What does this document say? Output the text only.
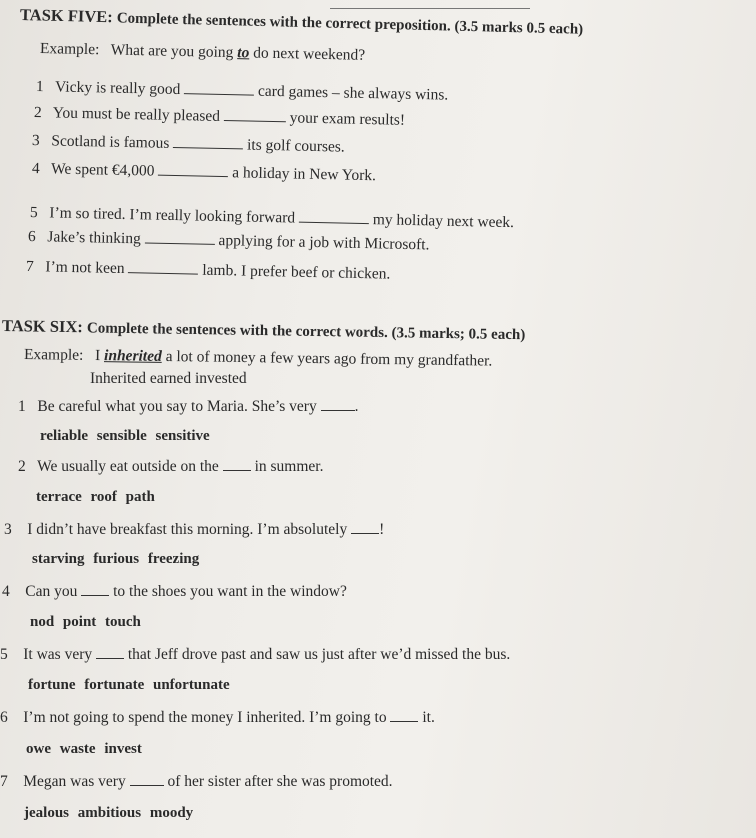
TASK FIVE: Complete the sentences with the correct preposition. (3.5 marks 0.5 each)
Example: What are you going to do next weekend?
1 Vicky is really good	card games – she always wins.
2 You must be really pleased	your exam results!
3 Scotland is famous	its golf courses.
4 We spent €4,000	a holiday in New York.
5 I’m so tired. I’m really looking forward	my holiday next week.
6 Jake’s thinking	applying for a job with Microsoft.
7 I’m not keen	lamb. I prefer beef or chicken.
TASK SIX: Complete the sentences with the correct words. (3.5 marks; 0.5 each)
Example: I inherited a lot of money a few years ago from my grandfather.
Inherited earned invested
1 Be careful what you say to Maria. She’s very .
reliable sensible sensitive
2 We usually eat outside on the in summer.
terrace roof path
3 I didn’t have breakfast this morning. I’m absolutely !
starving furious freezing
4 Can you to the shoes you want in the window?
nod point touch
5 It was very that Jeff drove past and saw us just after we’d missed the bus.
fortune fortunate unfortunate
6 I’m not going to spend the money I inherited. I’m going to it.
owe waste invest
7 Megan was very	of her sister after she was promoted.
jealous ambitious moody
